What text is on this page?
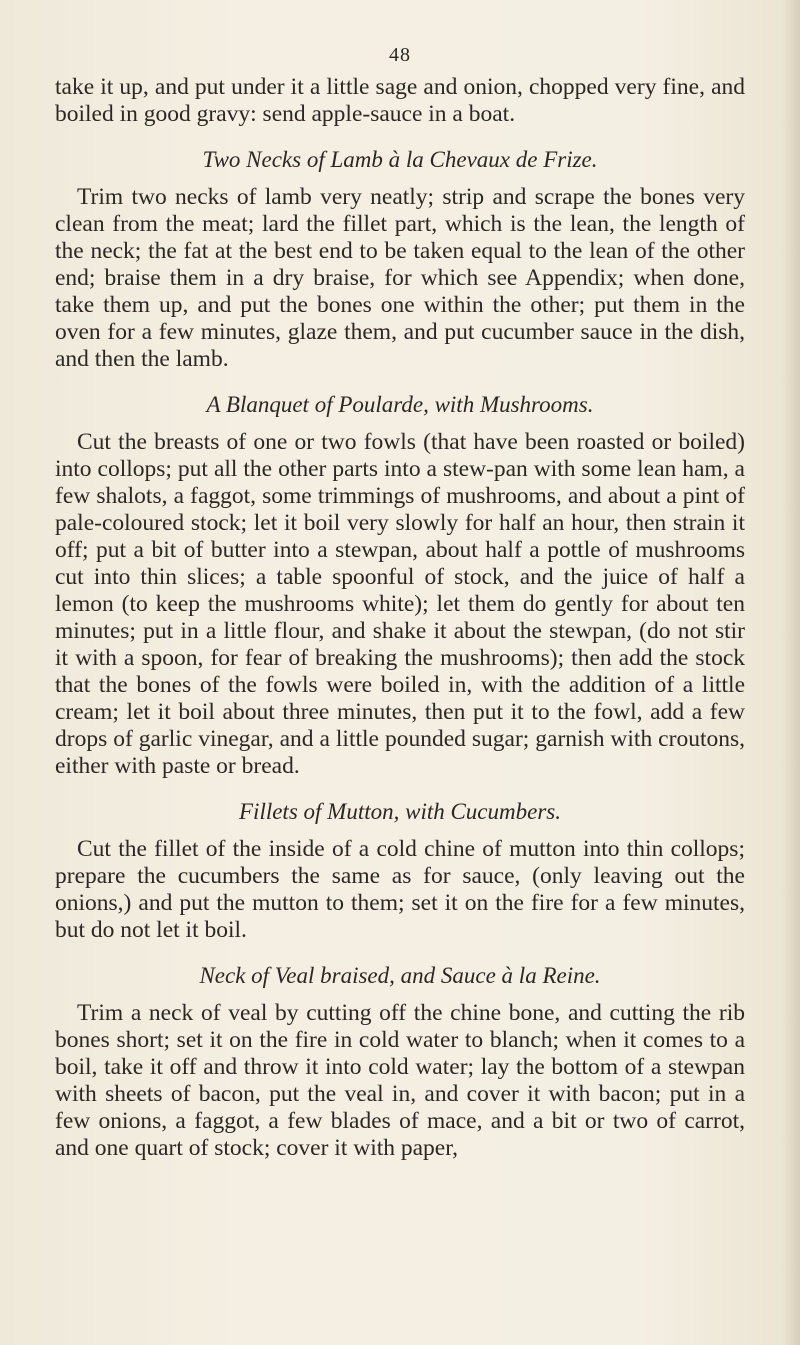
48

take it up, and put under it a little sage and onion, chopped very fine, and boiled in good gravy: send apple-sauce in a boat.

Two Necks of Lamb à la Chevaux de Frize.

Trim two necks of lamb very neatly; strip and scrape the bones very clean from the meat; lard the fillet part, which is the lean, the length of the neck; the fat at the best end to be taken equal to the lean of the other end; braise them in a dry braise, for which see Appendix; when done, take them up, and put the bones one within the other; put them in the oven for a few minutes, glaze them, and put cucumber sauce in the dish, and then the lamb.

A Blanquet of Poularde, with Mushrooms.

Cut the breasts of one or two fowls (that have been roasted or boiled) into collops; put all the other parts into a stew-pan with some lean ham, a few shalots, a faggot, some trimmings of mushrooms, and about a pint of pale-coloured stock; let it boil very slowly for half an hour, then strain it off; put a bit of butter into a stewpan, about half a pottle of mushrooms cut into thin slices; a table spoonful of stock, and the juice of half a lemon (to keep the mushrooms white); let them do gently for about ten minutes; put in a little flour, and shake it about the stewpan, (do not stir it with a spoon, for fear of breaking the mushrooms); then add the stock that the bones of the fowls were boiled in, with the addition of a little cream; let it boil about three minutes, then put it to the fowl, add a few drops of garlic vinegar, and a little pounded sugar; garnish with croutons, either with paste or bread.

Fillets of Mutton, with Cucumbers.

Cut the fillet of the inside of a cold chine of mutton into thin collops; prepare the cucumbers the same as for sauce, (only leaving out the onions,) and put the mutton to them; set it on the fire for a few minutes, but do not let it boil.

Neck of Veal braised, and Sauce à la Reine.

Trim a neck of veal by cutting off the chine bone, and cutting the rib bones short; set it on the fire in cold water to blanch; when it comes to a boil, take it off and throw it into cold water; lay the bottom of a stewpan with sheets of bacon, put the veal in, and cover it with bacon; put in a few onions, a faggot, a few blades of mace, and a bit or two of carrot, and one quart of stock; cover it with paper,
